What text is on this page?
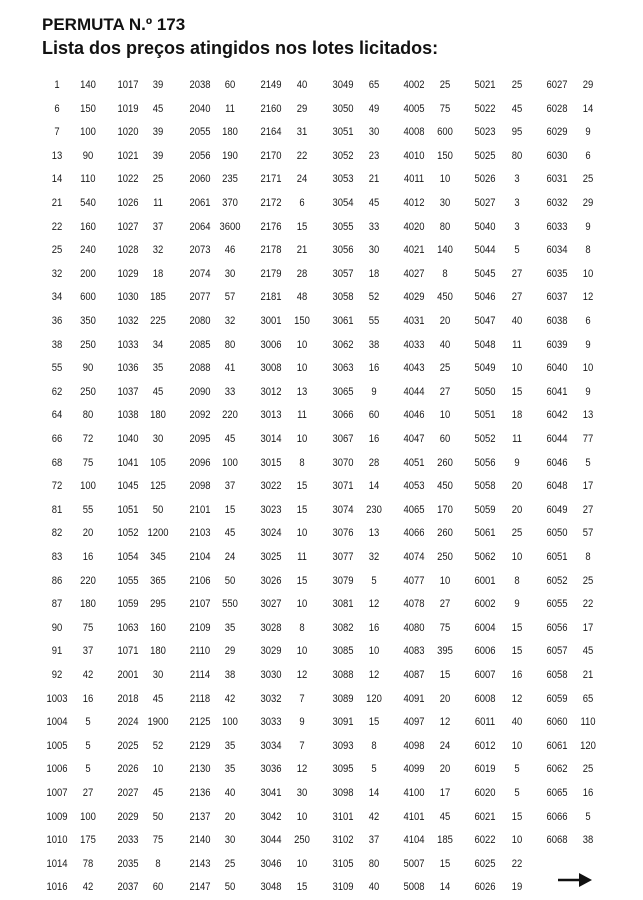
PERMUTA N.º 173
Lista dos preços atingidos nos lotes licitados:
1	140	1017	39	2038	60	2149	40	3049	65	4002	25	5021	25	6027	29
6	150	1019	45	2040	11	2160	29	3050	49	4005	75	5022	45	6028	14
7	100	1020	39	2055	180	2164	31	3051	30	4008	600	5023	95	6029	9
13	90	1021	39	2056	190	2170	22	3052	23	4010	150	5025	80	6030	6
14	110	1022	25	2060	235	2171	24	3053	21	4011	10	5026	3	6031	25
21	540	1026	11	2061	370	2172	6	3054	45	4012	30	5027	3	6032	29
22	160	1027	37	2064 3600	2176	15	3055	33	4020	80	5040	3	6033	9
25	240	1028	32	2073	46	2178	21	3056	30	4021	140	5044	5	6034	8
32	200	1029	18	2074	30	2179	28	3057	18	4027	8	5045	27	6035	10
34	600	1030	185	2077	57	2181	48	3058	52	4029	450	5046	27	6037	12
36	350	1032	225	2080	32	3001	150	3061	55	4031	20	5047	40	6038	6
38	250	1033	34	2085	80	3006	10	3062	38	4033	40	5048	11	6039	9
55	90	1036	35	2088	41	3008	10	3063	16	4043	25	5049	10	6040	10
62	250	1037	45	2090	33	3012	13	3065	9	4044	27	5050	15	6041	9
64	80	1038	180	2092	220	3013	11	3066	60	4046	10	5051	18	6042	13
66	72	1040	30	2095	45	3014	10	3067	16	4047	60	5052	11	6044	77
68	75	1041	105	2096	100	3015	8	3070	28	4051	260	5056	9	6046	5
72	100	1045	125	2098	37	3022	15	3071	14	4053	450	5058	20	6048	17
81	55	1051	50	2101	15	3023	15	3074	230	4065	170	5059	20	6049	27
82	20	1052 1200	2103	45	3024	10	3076	13	4066	260	5061	25	6050	57
83	16	1054	345	2104	24	3025	11	3077	32	4074	250	5062	10	6051	8
86	220	1055	365	2106	50	3026	15	3079	5	4077	10	6001	8	6052	25
87	180	1059	295	2107	550	3027	10	3081	12	4078	27	6002	9	6055	22
90	75	1063	160	2109	35	3028	8	3082	16	4080	75	6004	15	6056	17
91	37	1071	180	2110	29	3029	10	3085	10	4083	395	6006	15	6057	45
92	42	2001	30	2114	38	3030	12	3088	12	4087	15	6007	16	6058	21
1003	16	2018	45	2118	42	3032	7	3089	120	4091	20	6008	12	6059	65
1004	5	2024 1900	2125	100	3033	9	3091	15	4097	12	6011	40	6060	110
1005	5	2025	52	2129	35	3034	7	3093	8	4098	24	6012	10	6061	120
1006	5	2026	10	2130	35	3036	12	3095	5	4099	20	6019	5	6062	25
1007	27	2027	45	2136	40	3041	30	3098	14	4100	17	6020	5	6065	16
1009	100	2029	50	2137	20	3042	10	3101	42	4101	45	6021	15	6066	5
1010	175	2033	75	2140	30	3044	250	3102	37	4104	185	6022	10	6068	38
1014	78	2035	8	2143	25	3046	10	3105	80	5007	15	6025	22
1016	42	2037	60	2147	50	3048	15	3109	40	5008	14	6026	19
